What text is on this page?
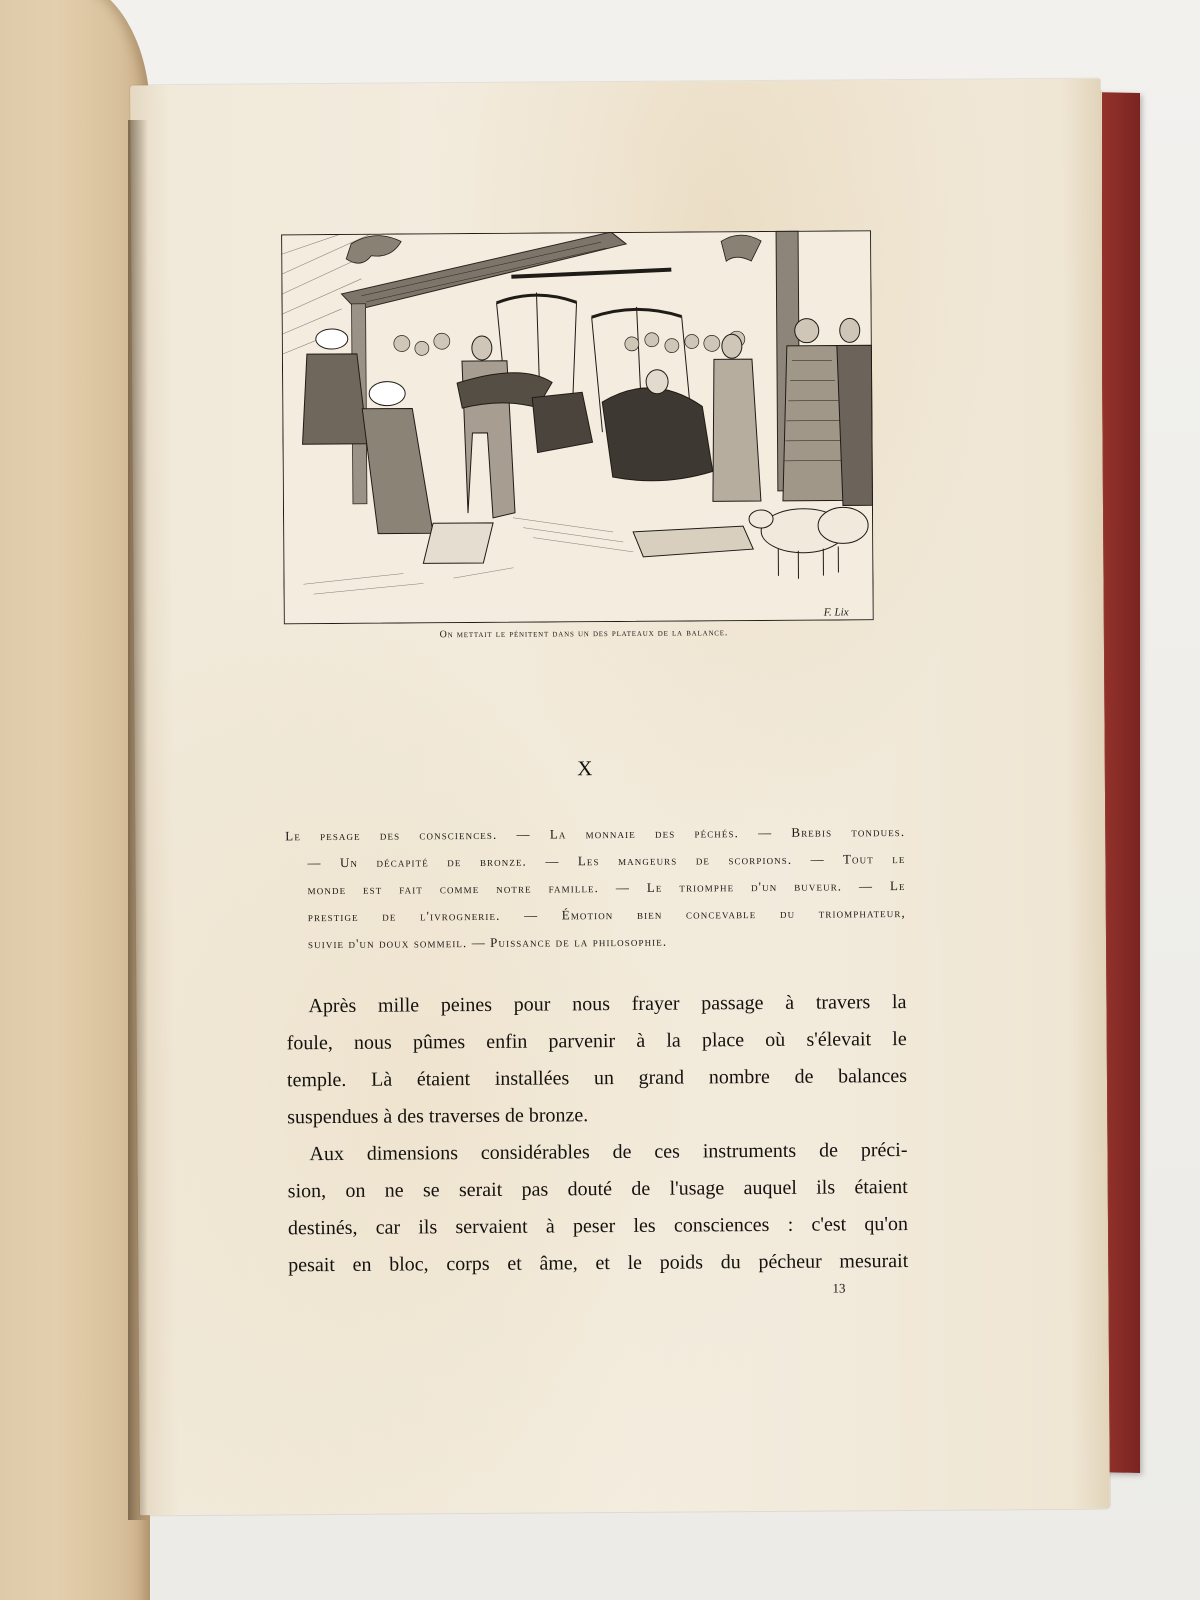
F. Lix
On mettait le pénitent dans un des plateaux de la balance.
X
Le pesage des consciences. — La monnaie des péchés. — Brebis tondues.
— Un décapité de bronze. — Les mangeurs de scorpions. — Tout le
monde est fait comme notre famille. — Le triomphe d'un buveur. — Le
prestige de l'ivrognerie. — Émotion bien concevable du triomphateur,
suivie d'un doux sommeil. — Puissance de la philosophie.
Après mille peines pour nous frayer passage à travers la
foule, nous pûmes enfin parvenir à la place où s'élevait le
temple. Là étaient installées un grand nombre de balances
suspendues à des traverses de bronze.
Aux dimensions considérables de ces instruments de préci-
sion, on ne se serait pas douté de l'usage auquel ils étaient
destinés, car ils servaient à peser les consciences : c'est qu'on
pesait en bloc, corps et âme, et le poids du pécheur mesurait
13
